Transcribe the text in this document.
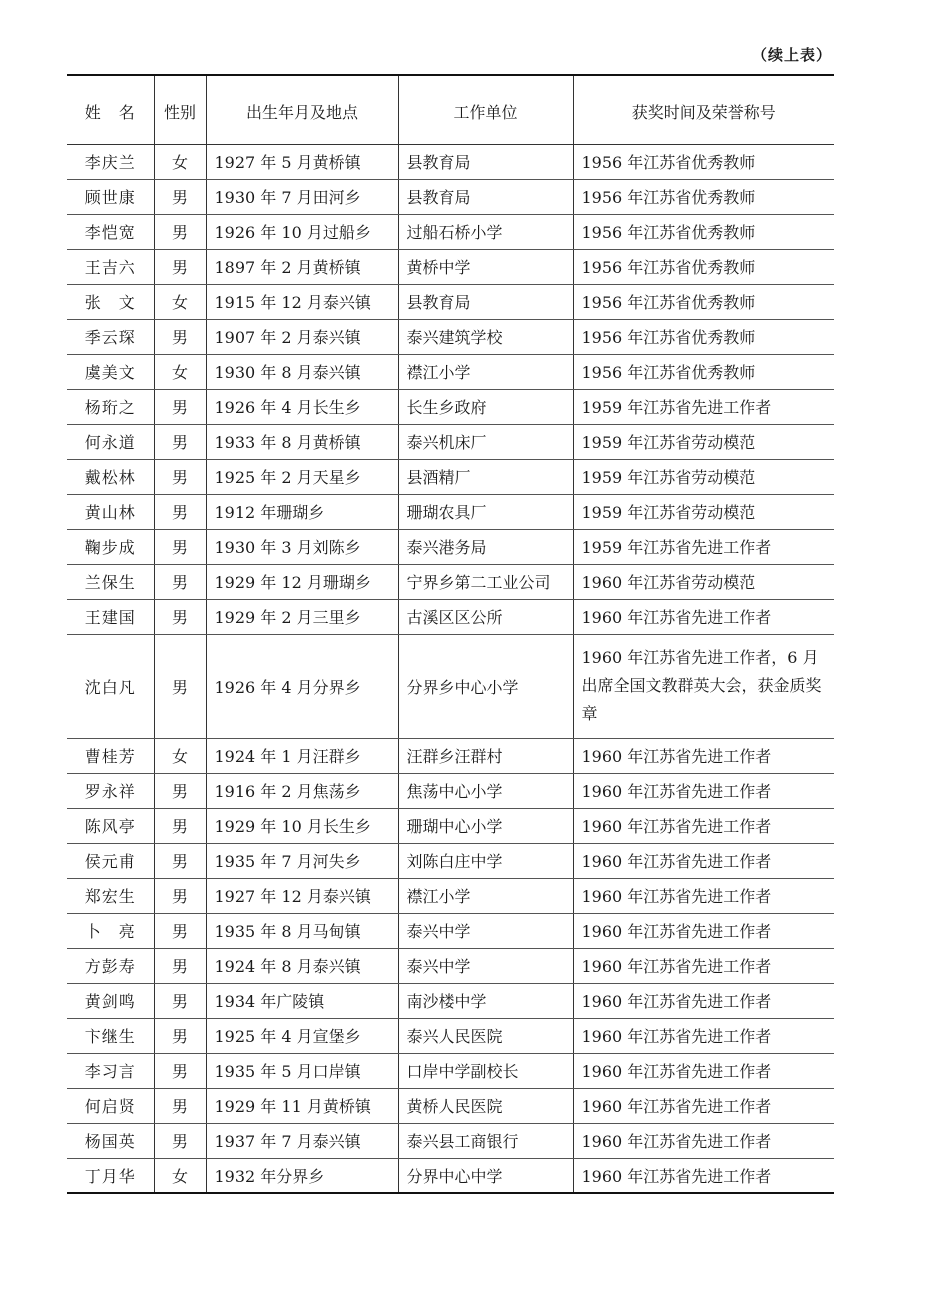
（续上表）
姓　名	性别	出生年月及地点	工作单位	获奖时间及荣誉称号
李庆兰	女	1927 年 5 月黄桥镇	县教育局	1956 年江苏省优秀教师
顾世康	男	1930 年 7 月田河乡	县教育局	1956 年江苏省优秀教师
李恺宽	男	1926 年 10 月过船乡	过船石桥小学	1956 年江苏省优秀教师
王吉六	男	1897 年 2 月黄桥镇	黄桥中学	1956 年江苏省优秀教师
张　文	女	1915 年 12 月泰兴镇	县教育局	1956 年江苏省优秀教师
季云琛	男	1907 年 2 月泰兴镇	泰兴建筑学校	1956 年江苏省优秀教师
虞美文	女	1930 年 8 月泰兴镇	襟江小学	1956 年江苏省优秀教师
杨珩之	男	1926 年 4 月长生乡	长生乡政府	1959 年江苏省先进工作者
何永道	男	1933 年 8 月黄桥镇	泰兴机床厂	1959 年江苏省劳动模范
戴松林	男	1925 年 2 月天星乡	县酒精厂	1959 年江苏省劳动模范
黄山林	男	1912 年珊瑚乡	珊瑚农具厂	1959 年江苏省劳动模范
鞠步成	男	1930 年 3 月刘陈乡	泰兴港务局	1959 年江苏省先进工作者
兰保生	男	1929 年 12 月珊瑚乡	宁界乡第二工业公司	1960 年江苏省劳动模范
王建国	男	1929 年 2 月三里乡	古溪区区公所	1960 年江苏省先进工作者
沈白凡	男	1926 年 4 月分界乡	分界乡中心小学	1960 年江苏省先进工作者，6 月出席全国文教群英大会，获金质奖章
曹桂芳	女	1924 年 1 月汪群乡	汪群乡汪群村	1960 年江苏省先进工作者
罗永祥	男	1916 年 2 月焦荡乡	焦荡中心小学	1960 年江苏省先进工作者
陈风亭	男	1929 年 10 月长生乡	珊瑚中心小学	1960 年江苏省先进工作者
侯元甫	男	1935 年 7 月河失乡	刘陈白庄中学	1960 年江苏省先进工作者
郑宏生	男	1927 年 12 月泰兴镇	襟江小学	1960 年江苏省先进工作者
卜　亮	男	1935 年 8 月马甸镇	泰兴中学	1960 年江苏省先进工作者
方彭寿	男	1924 年 8 月泰兴镇	泰兴中学	1960 年江苏省先进工作者
黄剑鸣	男	1934 年广陵镇	南沙楼中学	1960 年江苏省先进工作者
卞继生	男	1925 年 4 月宣堡乡	泰兴人民医院	1960 年江苏省先进工作者
李习言	男	1935 年 5 月口岸镇	口岸中学副校长	1960 年江苏省先进工作者
何启贤	男	1929 年 11 月黄桥镇	黄桥人民医院	1960 年江苏省先进工作者
杨国英	男	1937 年 7 月泰兴镇	泰兴县工商银行	1960 年江苏省先进工作者
丁月华	女	1932 年分界乡	分界中心中学	1960 年江苏省先进工作者
